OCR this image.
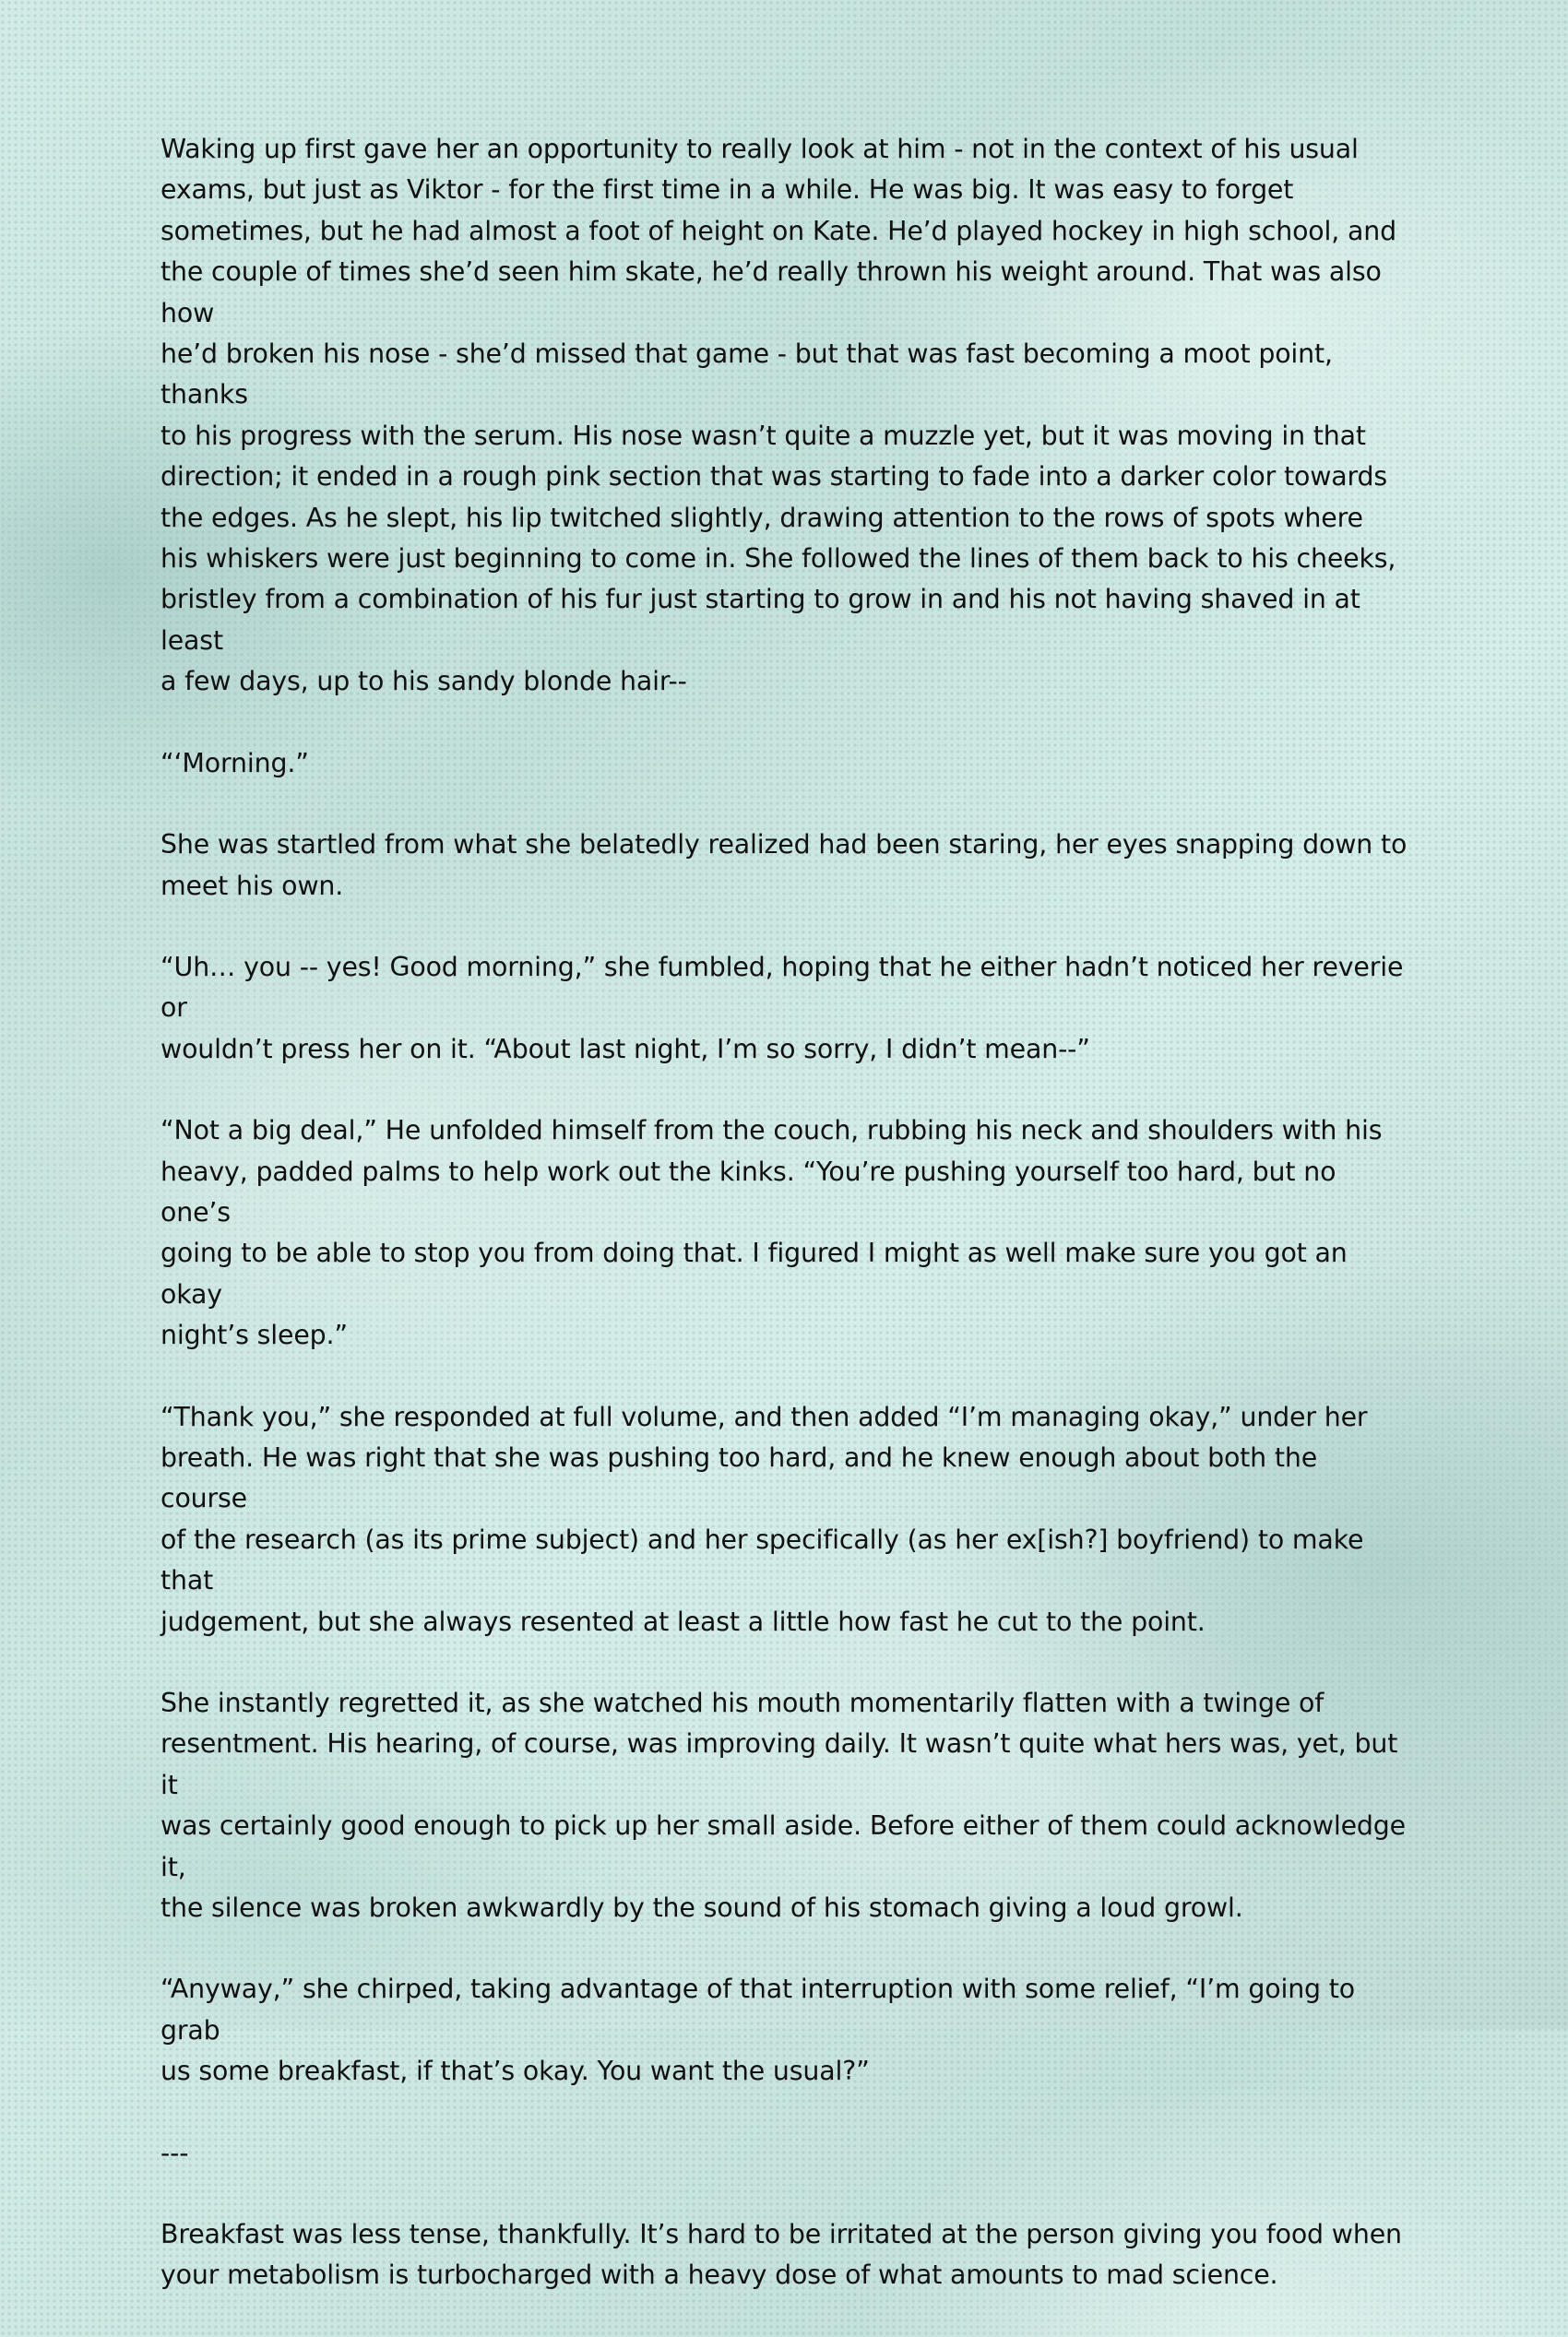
Waking up first gave her an opportunity to really look at him - not in the context of his usual
exams, but just as Viktor - for the first time in a while. He was big. It was easy to forget
sometimes, but he had almost a foot of height on Kate. He’d played hockey in high school, and
the couple of times she’d seen him skate, he’d really thrown his weight around. That was also how
he’d broken his nose - she’d missed that game - but that was fast becoming a moot point, thanks
to his progress with the serum. His nose wasn’t quite a muzzle yet, but it was moving in that
direction; it ended in a rough pink section that was starting to fade into a darker color towards
the edges. As he slept, his lip twitched slightly, drawing attention to the rows of spots where
his whiskers were just beginning to come in. She followed the lines of them back to his cheeks,
bristley from a combination of his fur just starting to grow in and his not having shaved in at least
a few days, up to his sandy blonde hair--

“‘Morning.”

She was startled from what she belatedly realized had been staring, her eyes snapping down to
meet his own.

“Uh… you -- yes! Good morning,” she fumbled, hoping that he either hadn’t noticed her reverie or
wouldn’t press her on it. “About last night, I’m so sorry, I didn’t mean--”

“Not a big deal,” He unfolded himself from the couch, rubbing his neck and shoulders with his
heavy, padded palms to help work out the kinks. “You’re pushing yourself too hard, but no one’s
going to be able to stop you from doing that. I figured I might as well make sure you got an okay
night’s sleep.”

“Thank you,” she responded at full volume, and then added “I’m managing okay,” under her
breath. He was right that she was pushing too hard, and he knew enough about both the course
of the research (as its prime subject) and her specifically (as her ex[ish?] boyfriend) to make that
judgement, but she always resented at least a little how fast he cut to the point.

She instantly regretted it, as she watched his mouth momentarily flatten with a twinge of
resentment. His hearing, of course, was improving daily. It wasn’t quite what hers was, yet, but it
was certainly good enough to pick up her small aside. Before either of them could acknowledge it,
the silence was broken awkwardly by the sound of his stomach giving a loud growl.

“Anyway,” she chirped, taking advantage of that interruption with some relief, “I’m going to grab
us some breakfast, if that’s okay. You want the usual?”

---

Breakfast was less tense, thankfully. It’s hard to be irritated at the person giving you food when
your metabolism is turbocharged with a heavy dose of what amounts to mad science.
